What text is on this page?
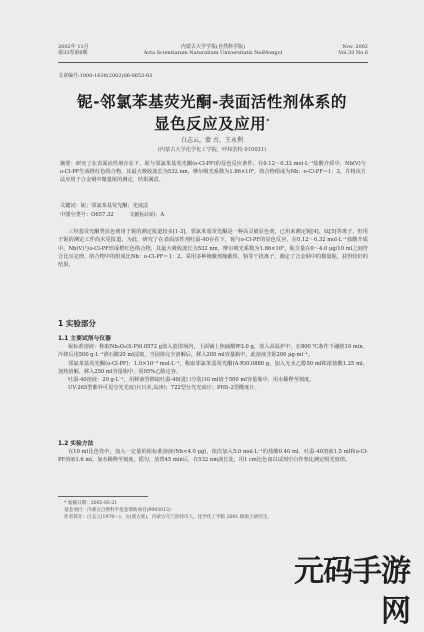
2002年 11月
第33卷第6期
内蒙古大学学报(自然科学版)
Acta Scientiarum Naturalium Universitatis NeiMongol
Nov. 2002
Vol.33 No.6
文章编号:1000-1638(2002)06-0653-03
铌-邻氯苯基荧光酮-表面活性剂体系的
显色反应及应用*
白志云，蒙 古，王永利
(内蒙古大学化学化工学院，呼和浩特 010021)
摘要：研究了在表面活性剂存在下，铌与邻氯苯基荧光酮(o-Cl-PF)的显色反应条件。在0.12～0.32 mol·L⁻¹盐酸介质中，Nb(V)与o-Cl-PF生成橙红色络合物，其最大吸收波长为532 nm，摩尔吸光系数为1.86×10⁵，络合物组成为Nb：o-Cl-PF＝1：2，并将该方法应用于合金钢中微量铌的测定，结果满意。
关键词：铌；邻氯苯基荧光酮；光度法
中图分类号：O657.32	文献标识码：A

三羟基荧光酮类显色剂用于铌的测定报道较多[1-3]，邻氯苯基荧光酮是一种高灵敏显色剂，已用来测定铌[4]、钛[5]等离子，但用于铌的测定工作尚未见报道。为此，研究了在表面活性剂吐温-40存在下，铌与o-Cl-PF的显色反应，在0.12～0.32 mol·L⁻¹盐酸介质中，Nb(V)与o-Cl-PF形成橙红色络合物，其最大吸收波长为532 nm，摩尔吸光系数为1.86×10⁵，铌含量在0～4.0 μg/10 ml之间符合比耳定律，络合物中的组成比Nb：o-Cl-PF＝1：2。采用多种掩蔽剂掩蔽铁、铬等干扰离子，测定了合金钢中的微量铌，获得较好的结果。

1 实验部分
1.1 主要试剂与仪器

铌标准溶液：称取Nb₂O₅(S·P)0.0572 g放入瓷坩埚内，上面铺上焦硫酸钾3.0 g，放入高温炉中，在800 ℃条件下融熔10 min，冷却后用500 g·L⁻¹酒石酸20 ml浸取，当固体完全溶解后，移入200 ml容量瓶中，此溶液含铌200 μg·ml⁻¹。

邻氯苯基荧光酮(o-Cl-PF)：1.0×10⁻³ mol·L⁻¹，称取邻氯苯基荧光酮(A·R)0.0886 g，加入无水乙醇50 ml和浓盐酸1.25 ml，加热溶解，移入250 ml容量瓶中，用95%乙醇定容。

吐温-40溶液：20 g·L⁻¹，用移液管移取吐温-40(进口分装)10 ml溶于500 ml容量瓶中，用水稀释至刻度。

UV-265型紫外可见分光光度计(日本,岛津)；722型分光光度计；PHS-2型酸度计。

1.2 实验方法

在10 ml比色管中，加入一定量的铌标准溶液(Nb<4.0 μg)，依次加入5.0 mol·L⁻¹的盐酸0.40 ml、吐温-40溶液1.5 ml和o-Cl-PF溶液1.6 ml，加水稀释至刻度，摇匀，放置45 min后，在532 nm波长处，用1 cm比色皿以试剂空白作参比测定吸光度值。

* 收稿日期：2002-05-21
基金项目：内蒙古自然科学基金资助项目(9903013)
作者简介：白志云(1978～)，女(蒙古族)，内蒙古乌兰浩特市人，化学化工学院 2001 级硕士研究生。
元码手游网
